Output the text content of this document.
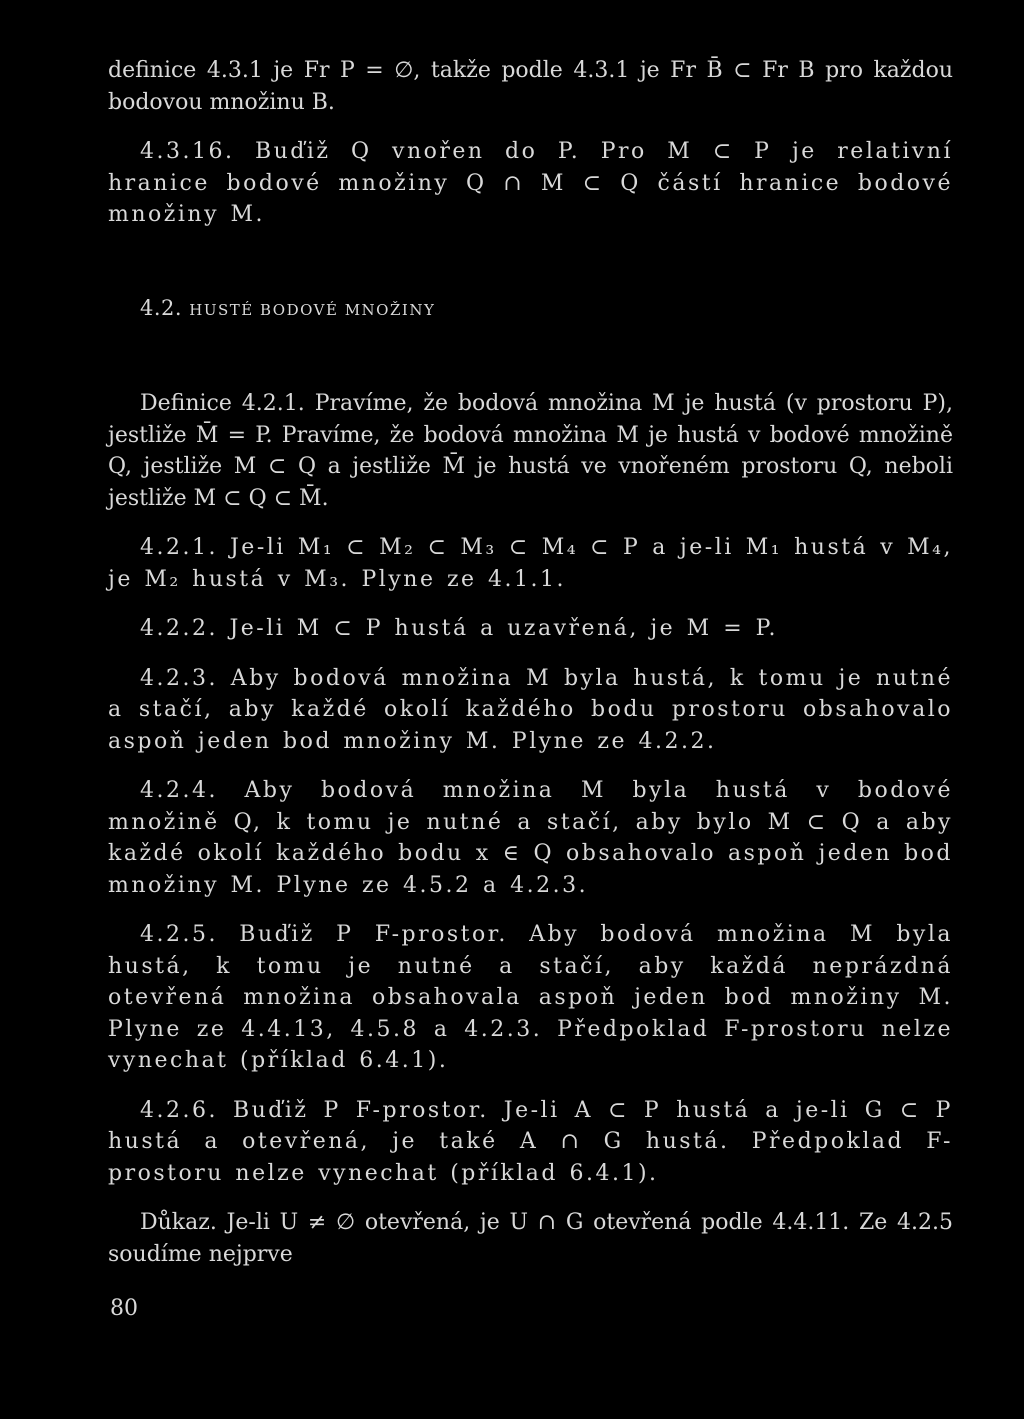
definice 4.3.1 je Fr P = ∅, takže podle 4.3.1 je Fr B̄ ⊂ Fr B pro každou bodovou množinu B.

4.3.16. Buďiž Q vnořen do P. Pro M ⊂ P je relativní hranice bodové množiny Q ∩ M ⊂ Q částí hranice bodové množiny M.

4.2. HUSTÉ BODOVÉ MNOŽINY

Definice 4.2.1. Pravíme, že bodová množina M je hustá (v prostoru P), jestliže M̄ = P. Pravíme, že bodová množina M je hustá v bodové množině Q, jestliže M ⊂ Q a jestliže M̄ je hustá ve vnořeném prostoru Q, neboli jestliže M ⊂ Q ⊂ M̄.

4.2.1. Je-li M₁ ⊂ M₂ ⊂ M₃ ⊂ M₄ ⊂ P a je-li M₁ hustá v M₄, je M₂ hustá v M₃. Plyne ze 4.1.1.

4.2.2. Je-li M ⊂ P hustá a uzavřená, je M = P.

4.2.3. Aby bodová množina M byla hustá, k tomu je nutné a stačí, aby každé okolí každého bodu prostoru obsahovalo aspoň jeden bod množiny M. Plyne ze 4.2.2.

4.2.4. Aby bodová množina M byla hustá v bodové množině Q, k tomu je nutné a stačí, aby bylo M ⊂ Q a aby každé okolí každého bodu x ∈ Q obsahovalo aspoň jeden bod množiny M. Plyne ze 4.5.2 a 4.2.3.

4.2.5. Buďiž P F-prostor. Aby bodová množina M byla hustá, k tomu je nutné a stačí, aby každá neprázdná otevřená množina obsahovala aspoň jeden bod množiny M. Plyne ze 4.4.13, 4.5.8 a 4.2.3. Předpoklad F-prostoru nelze vynechat (příklad 6.4.1).

4.2.6. Buďiž P F-prostor. Je-li A ⊂ P hustá a je-li G ⊂ P hustá a otevřená, je také A ∩ G hustá. Předpoklad F-prostoru nelze vynechat (příklad 6.4.1).

Důkaz. Je-li U ≠ ∅ otevřená, je U ∩ G otevřená podle 4.4.11. Ze 4.2.5 soudíme nejprve

80
